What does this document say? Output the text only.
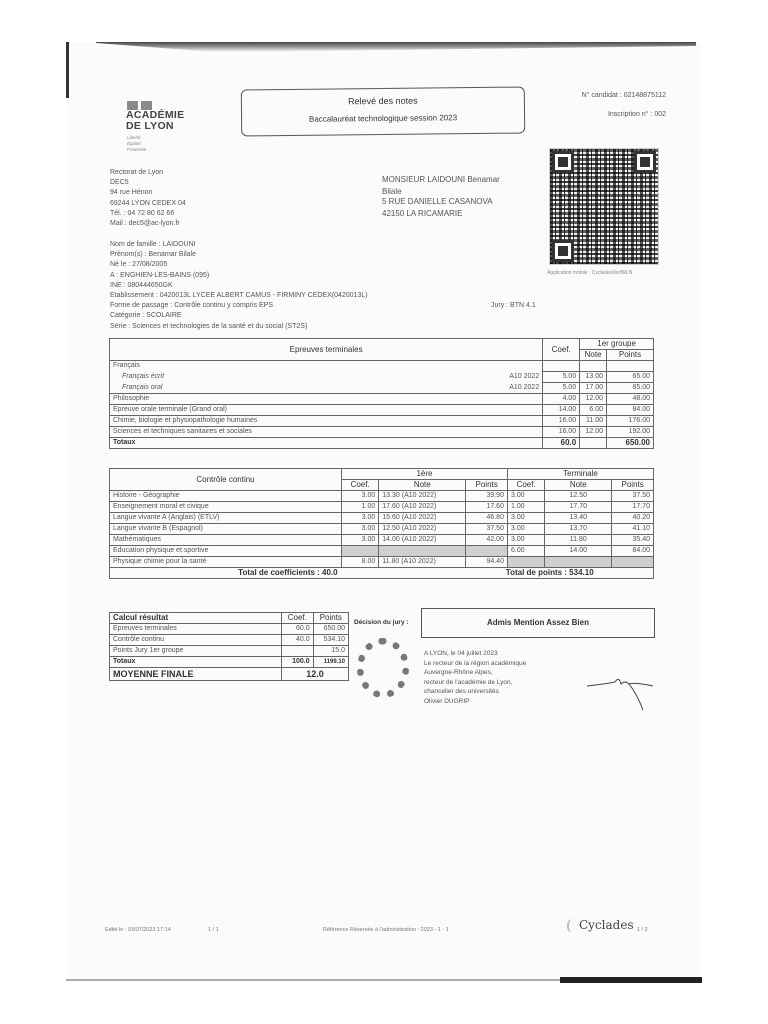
ACADÉMIE
DE LYON
Liberté
Égalité
Fraternité
Relevé des notes
Baccalauréat technologique session 2023
N° candidat : 02148875112
Inscription n° : 002
Application mobile : CycladesVerifRLN
Rectorat de Lyon
DEC5
94 rue Hénon
69244 LYON CEDEX 04
Tél. : 04 72 80 62 66
Mail : dec5@ac-lyon.fr
MONSIEUR LAIDOUNI Benamar
Bilale
5 RUE DANIELLE CASANOVA
42150 LA RICAMARIE
Nom de famille : LAIDOUNI
Prénom(s) : Benamar Bilale
Né le : 27/08/2005
A : ENGHIEN-LES-BAINS (095)
INE : 080444650GK
Etablissement : 0420013L LYCEE ALBERT CAMUS - FIRMINY CEDEX(0420013L)
Forme de passage : Contrôle continu y compris EPS
Catégorie : SCOLAIRE
Série : Sciences et technologies de la santé et du social (ST2S)
Jury : BTN 4.1
Epreuves terminales		Coef.	1er groupe	
			Note	Points
Français				
Français écrit	A10 2022	5.00	13.00	65.00
Français oral	A10 2022	5.00	17.00	85.00
Philosophie		4.00	12.00	48.00
Epreuve orale terminale (Grand oral)		14.00	6.00	84.00
Chimie, biologie et physiopathologie humaines		16.00	11.00	176.00
Sciences et techniques sanitaires et sociales		16.00	12.00	192.00
Totaux		60.0		650.00
Contrôle continu	1ère			Terminale		
	Coef.	Note	Points	Coef.	Note	Points
Histoire - Géographie	3.00	13.30 (A10 2022)	39.90	3.00	12.50	37.50
Enseignement moral et civique	1.00	17.60 (A10 2022)	17.60	1.00	17.70	17.70
Langue vivante A (Anglais) (ETLV)	3.00	15.60 (A10 2022)	46.80	3.00	13.40	40.20
Langue vivante B (Espagnol)	3.00	12.50 (A10 2022)	37.50	3.00	13.70	41.10
Mathématiques	3.00	14.00 (A10 2022)	42.00	3.00	11.80	35.40
Education physique et sportive				6.00	14.00	84.00
Physique chimie pour la santé	8.00	11.80 (A10 2022)	94.40			
Total de coefficients : 40.0			Total de points : 534.10			
Calcul résultat	Coef.	Points
Epreuves terminales	60.0	650.00
Contrôle continu	40.0	534.10
Points Jury 1er groupe		15.0
Totaux	100.0	1199.10
MOYENNE FINALE	12.0	
Décision du jury :	Admis Mention Assez Bien
A LYON, le 04 juillet 2023
Le recteur de la région académique
Auvergne-Rhône Alpes,
recteur de l'académie de Lyon,
chancelier des universités
Olivier DUGRIP
Edité le : 03/07/2023 17:14	1 / 1	Référence Réservée à l'administration : 2023 - 1 - 1	Cyclades 1 / 2
